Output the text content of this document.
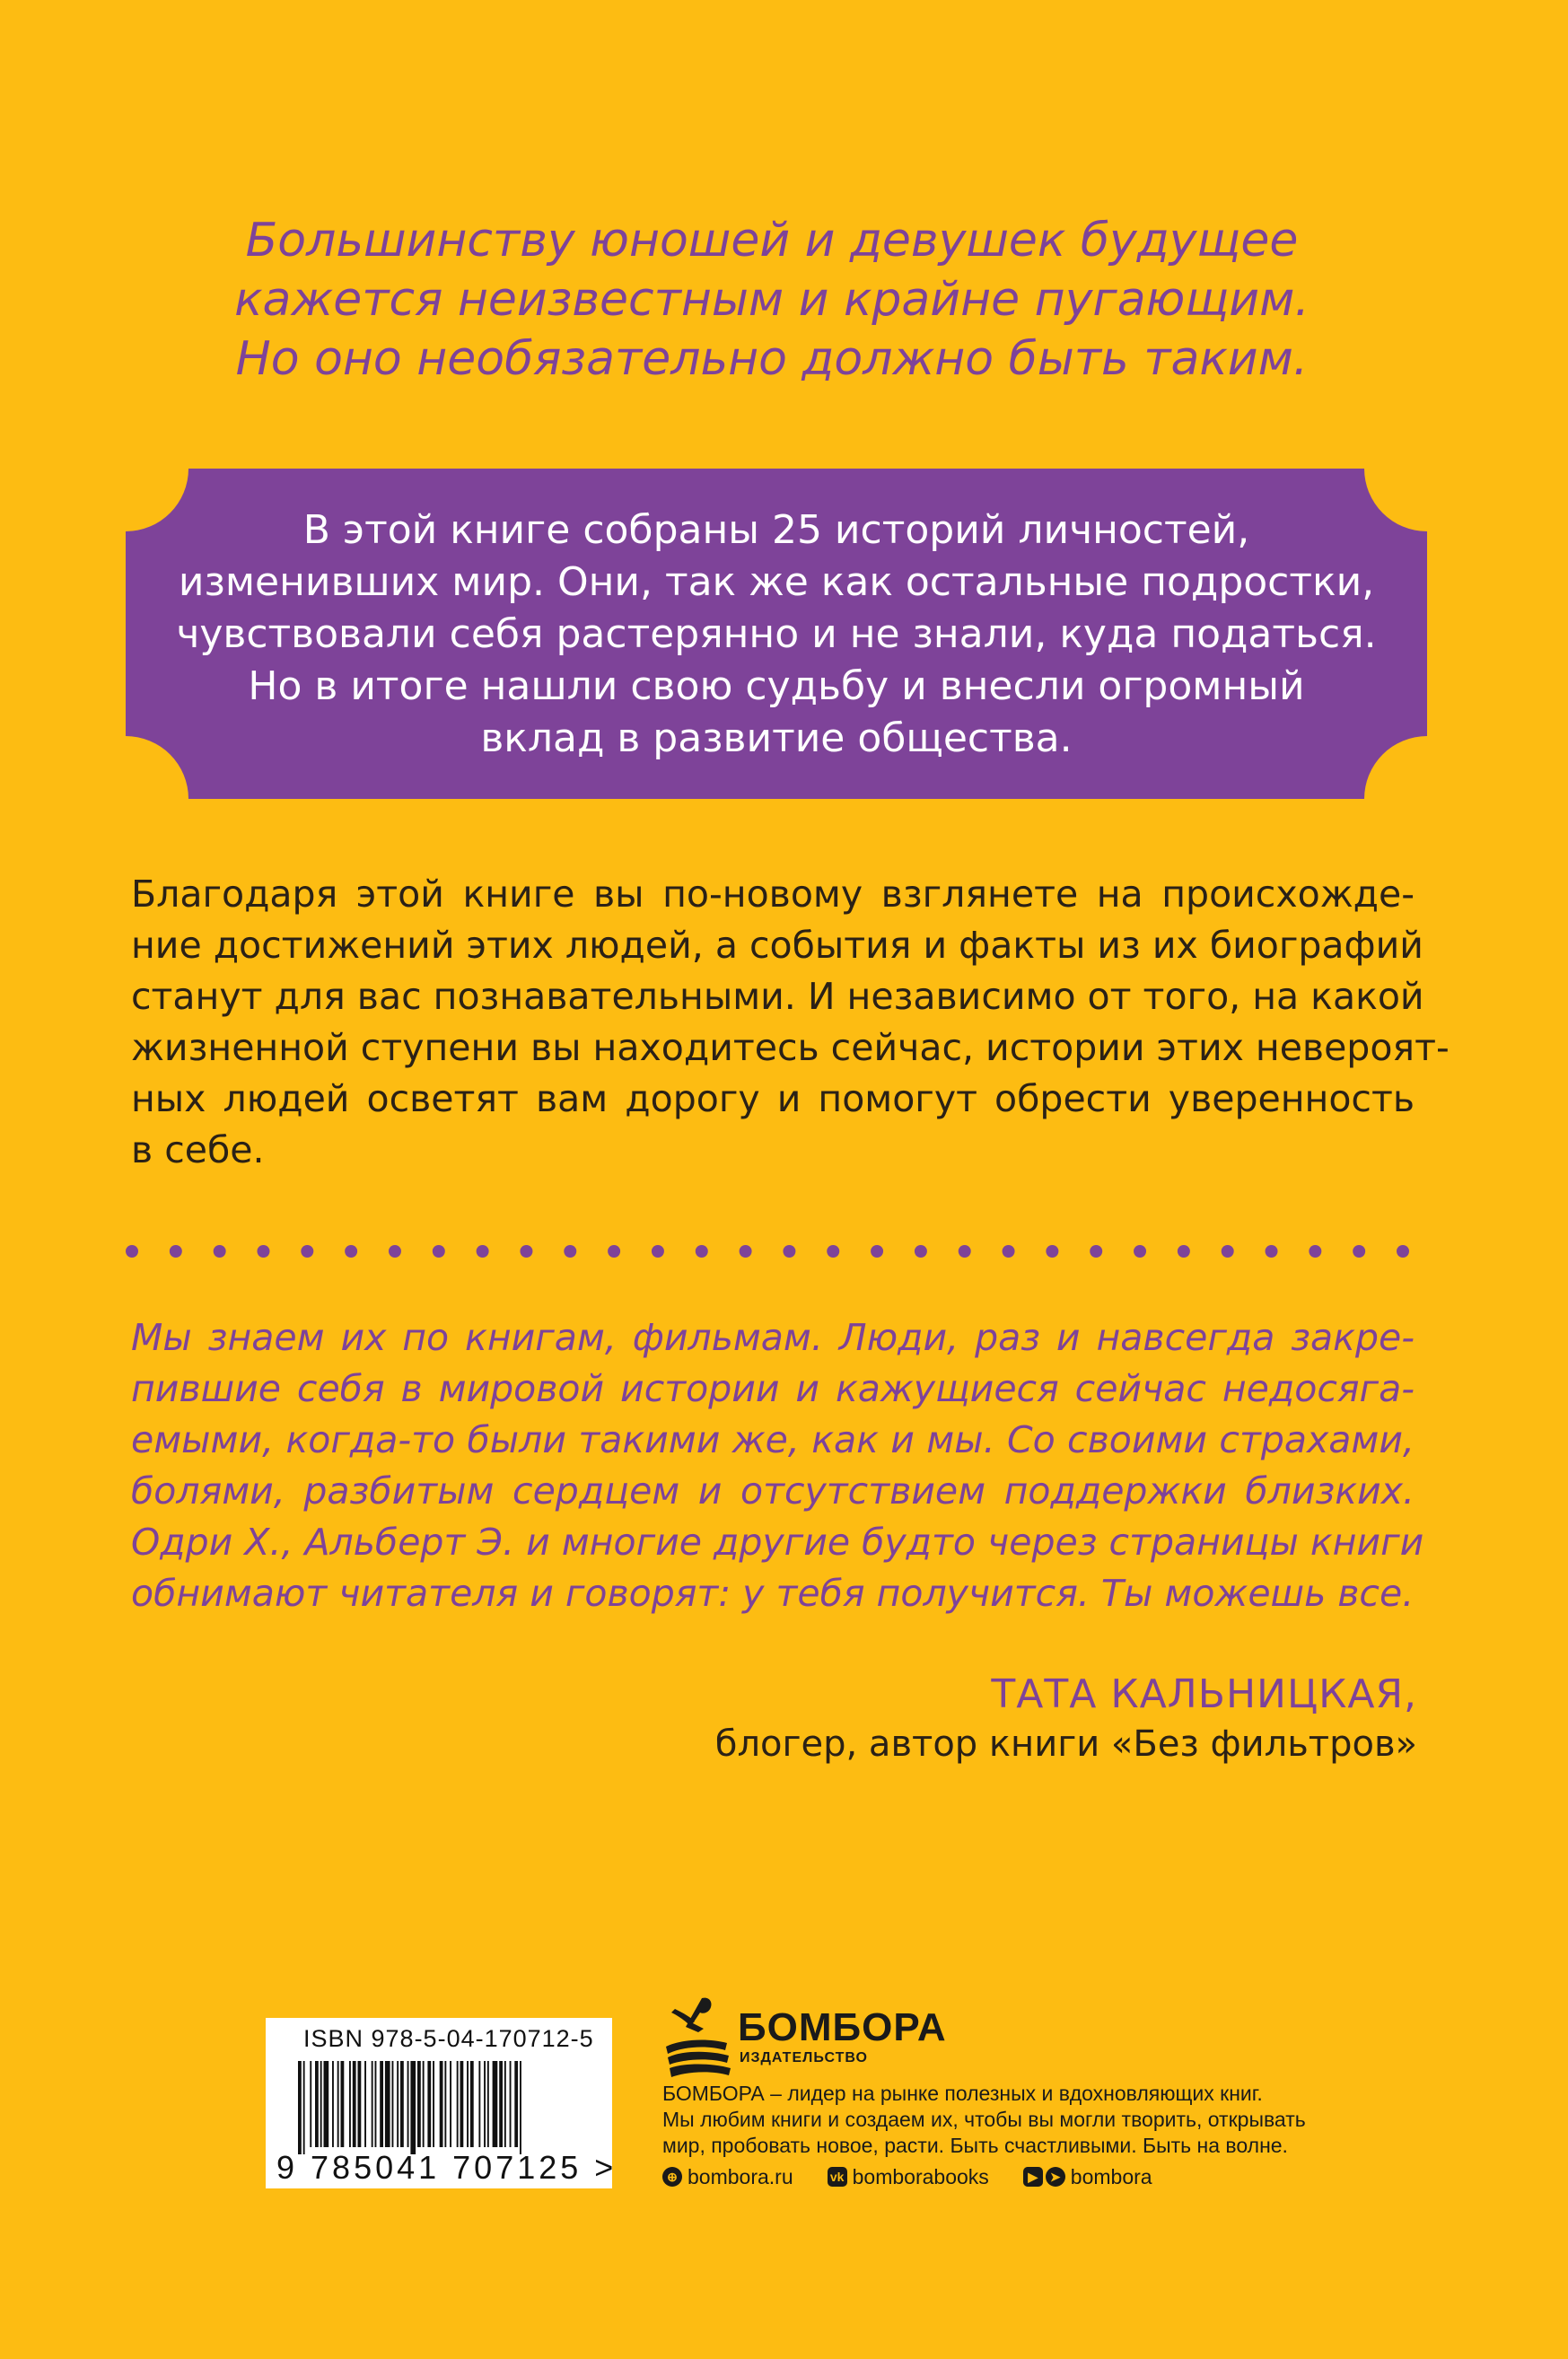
Большинству юношей и девушек будущее
кажется неизвестным и крайне пугающим.
Но оно необязательно должно быть таким.
В этой книге собраны 25 историй личностей,
изменивших мир. Они, так же как остальные подростки,
чувствовали себя растерянно и не знали, куда податься.
Но в итоге нашли свою судьбу и внесли огромный
вклад в развитие общества.
Благодаря этой книге вы по-новому взглянете на происхожде-
ние достижений этих людей, а события и факты из их биографий
станут для вас познавательными. И независимо от того, на какой
жизненной ступени вы находитесь сейчас, истории этих невероят-
ных людей осветят вам дорогу и помогут обрести уверенность
в себе.
Мы знаем их по книгам, фильмам. Люди, раз и навсегда закре-
пившие себя в мировой истории и кажущиеся сейчас недосяга-
емыми, когда-то были такими же, как и мы. Со своими страхами,
болями, разбитым сердцем и отсутствием поддержки близких.
Одри Х., Альберт Э. и многие другие будто через страницы книги
обнимают читателя и говорят: у тебя получится. Ты можешь все.
ТАТА КАЛЬНИЦКАЯ,
блогер, автор книги «Без фильтров»
ISBN 978-5-04-170712-5
9 785041 707125 >
БОМБОРА
ИЗДАТЕЛЬСТВО
БОМБОРА – лидер на рынке полезных и вдохновляющих книг.
Мы любим книги и создаем их, чтобы вы могли творить, открывать
мир, пробовать новое, расти. Быть счастливыми. Быть на волне.
⊕ bombora.ru	vk bomborabooks	▶ ➤ bombora
